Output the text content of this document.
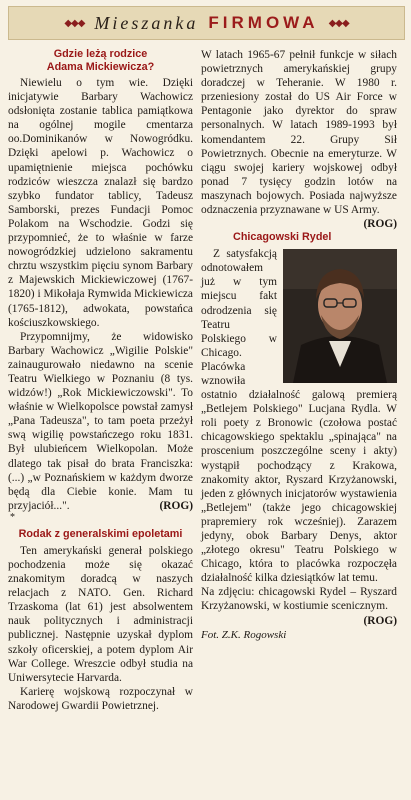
◆◆◆ Mieszanka FIRMOWA ◆◆◆
Gdzie leżą rodzice
Adama Mickiewicza?

Niewielu o tym wie. Dzięki inicjatywie Barbary Wachowicz odsłonięta zostanie tablica pamiątkowa na ogólnej mogile cmentarza oo.Dominikanów w Nowogródku. Dzięki apelowi p. Wachowicz o upamiętnienie miejsca pochówku rodziców wieszcza znalazł się bardzo szybko fundator tablicy, Tadeusz Samborski, prezes Fundacji Pomoc Polakom na Wschodzie. Godzi się przypomnieć, że to właśnie w farze nowogródzkiej udzielono sakramentu chrztu wszystkim pięciu synom Barbary z Majewskich Mickiewiczowej (1767-1820) i Mikołaja Rymwida Mickiewicza (1765-1812), adwokata, powstańca kościuszkowskiego.

Przypomnijmy, że widowisko Barbary Wachowicz „Wigilie Polskie" zainaugurowało niedawno na scenie Teatru Wielkiego w Poznaniu (8 tys. widzów!) „Rok Mickiewiczowski". To właśnie w Wielkopolsce powstał zamysł „Pana Tadeusza", to tam poeta przeżył swą wigilię powstańczego roku 1831. Był ulubieńcem Wielkopolan. Może dlatego tak pisał do brata Franciszka: (...) „w Poznańskiem w każdym dworze będą dla Ciebie konie. Mam tu przyjaciół...".	(ROG)

*
Rodak z generalskimi epoletami

Ten amerykański generał polskiego pochodzenia może się okazać znakomitym doradcą w naszych relacjach z NATO. Gen. Richard Trzaskoma (lat 61) jest absolwentem nauk politycznych i administracji publicznej. Następnie uzyskał dyplom szkoły oficerskiej, a potem dyplom Air War College. Wreszcie odbył studia na Uniwersytecie Harvarda.

Karierę wojskową rozpoczynał w Narodowej Gwardii Powietrznej.

W latach 1965-67 pełnił funkcje w siłach powietrznych amerykańskiej grupy doradczej w Teheranie. W 1980 r. przeniesiony został do US Air Force w Pentagonie jako dyrektor do spraw personalnych. W latach 1989-1993 był komendantem 22. Grupy Sił Powietrznych. Obecnie na emeryturze. W ciągu swojej kariery wojskowej odbył ponad 7 tysięcy godzin lotów na maszynach bojowych. Posiada najwyższe odznaczenia przyznawane w US Army.
(ROG)

Chicagowski Rydel

Z satysfakcją odnotowałem już w tym miejscu fakt odrodzenia się Teatru Polskiego w Chicago. Placówka wznowiła ostatnio działalność galową premierą „Betlejem Polskiego" Lucjana Rydla. W roli poety z Bronowic (czołowa postać chicagowskiego spektaklu „spinająca" na proscenium poszczególne sceny i akty) wystąpił pochodzący z Krakowa, znakomity aktor, Ryszard Krzyżanowski, jeden z głównych inicjatorów wystawienia „Betlejem" (także jego chicagowskiej prapremiery rok wcześniej). Zarazem jedyny, obok Barbary Denys, aktor „złotego okresu" Teatru Polskiego w Chicago, która to placówka rozpoczęła działalność kilka dziesiątków lat temu.

Na zdjęciu: chicagowski Rydel – Ryszard Krzyżanowski, w kostiumie scenicznym.
(ROG)

Fot. Z.K. Rogowski
